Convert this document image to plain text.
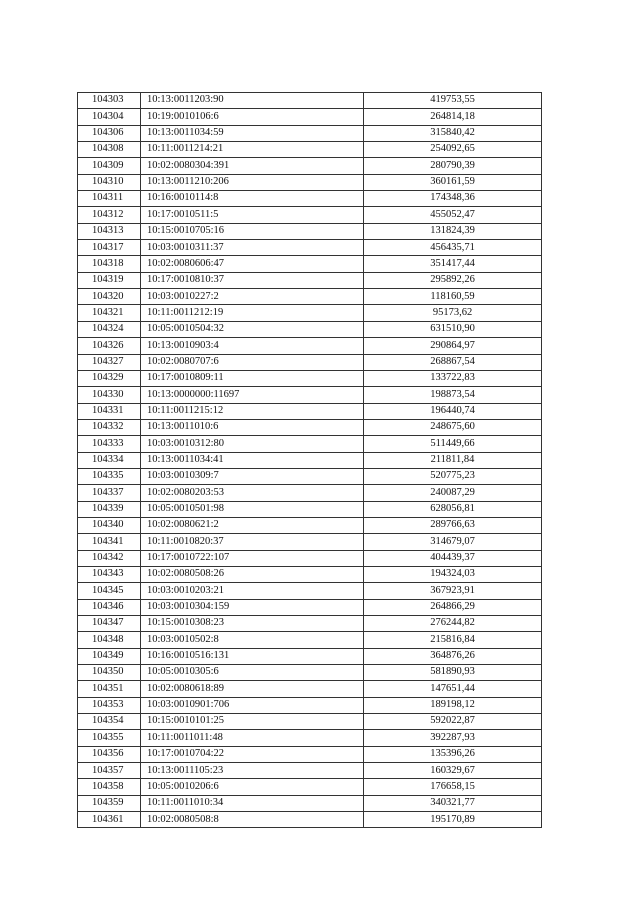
104303	10:13:0011203:90	419753,55
104304	10:19:0010106:6	264814,18
104306	10:13:0011034:59	315840,42
104308	10:11:0011214:21	254092,65
104309	10:02:0080304:391	280790,39
104310	10:13:0011210:206	360161,59
104311	10:16:0010114:8	174348,36
104312	10:17:0010511:5	455052,47
104313	10:15:0010705:16	131824,39
104317	10:03:0010311:37	456435,71
104318	10:02:0080606:47	351417,44
104319	10:17:0010810:37	295892,26
104320	10:03:0010227:2	118160,59
104321	10:11:0011212:19	95173,62
104324	10:05:0010504:32	631510,90
104326	10:13:0010903:4	290864,97
104327	10:02:0080707:6	268867,54
104329	10:17:0010809:11	133722,83
104330	10:13:0000000:11697	198873,54
104331	10:11:0011215:12	196440,74
104332	10:13:0011010:6	248675,60
104333	10:03:0010312:80	511449,66
104334	10:13:0011034:41	211811,84
104335	10:03:0010309:7	520775,23
104337	10:02:0080203:53	240087,29
104339	10:05:0010501:98	628056,81
104340	10:02:0080621:2	289766,63
104341	10:11:0010820:37	314679,07
104342	10:17:0010722:107	404439,37
104343	10:02:0080508:26	194324,03
104345	10:03:0010203:21	367923,91
104346	10:03:0010304:159	264866,29
104347	10:15:0010308:23	276244,82
104348	10:03:0010502:8	215816,84
104349	10:16:0010516:131	364876,26
104350	10:05:0010305:6	581890,93
104351	10:02:0080618:89	147651,44
104353	10:03:0010901:706	189198,12
104354	10:15:0010101:25	592022,87
104355	10:11:0011011:48	392287,93
104356	10:17:0010704:22	135396,26
104357	10:13:0011105:23	160329,67
104358	10:05:0010206:6	176658,15
104359	10:11:0011010:34	340321,77
104361	10:02:0080508:8	195170,89
